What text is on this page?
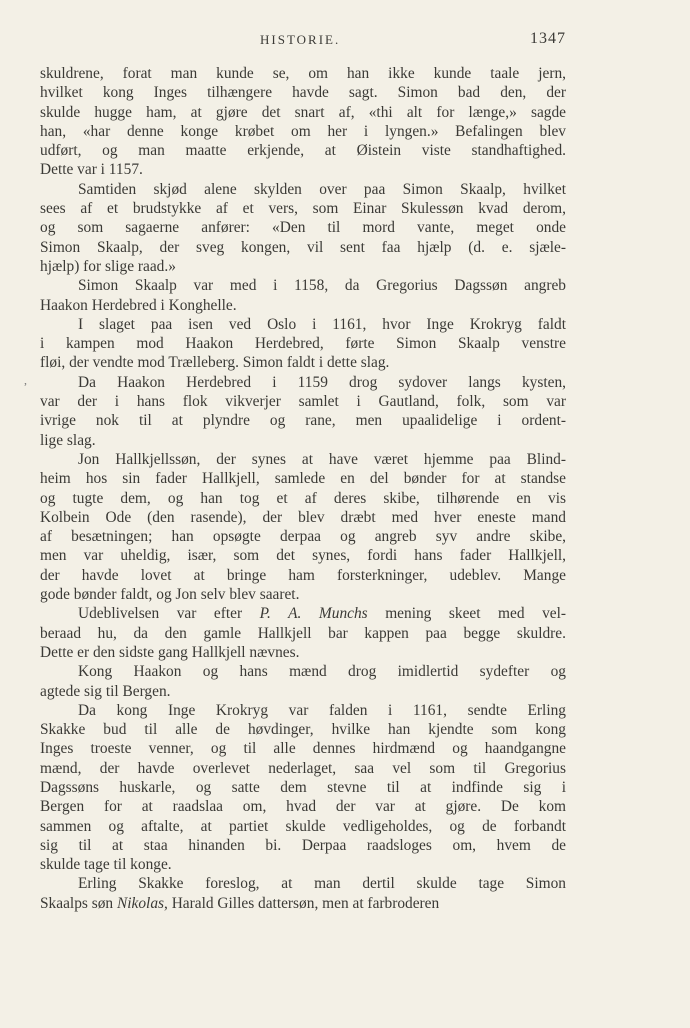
HISTORIE.	1347
,
skuldrene, forat man kunde se, om han ikke kunde taale jern,
hvilket kong Inges tilhængere havde sagt. Simon bad den, der
skulde hugge ham, at gjøre det snart af, «thi alt for længe,» sagde
han, «har denne konge krøbet om her i lyngen.» Befalingen blev
udført, og man maatte erkjende, at Øistein viste standhaftighed.
Dette var i 1157.
Samtiden skjød alene skylden over paa Simon Skaalp, hvilket
sees af et brudstykke af et vers, som Einar Skulessøn kvad derom,
og som sagaerne anfører: «Den til mord vante, meget onde
Simon Skaalp, der sveg kongen, vil sent faa hjælp (d. e. sjæle-
hjælp) for slige raad.»
Simon Skaalp var med i 1158, da Gregorius Dagssøn angreb
Haakon Herdebred i Konghelle.
I slaget paa isen ved Oslo i 1161, hvor Inge Krokryg faldt
i kampen mod Haakon Herdebred, førte Simon Skaalp venstre
fløi, der vendte mod Trælleberg. Simon faldt i dette slag.
Da Haakon Herdebred i 1159 drog sydover langs kysten,
var der i hans flok vikverjer samlet i Gautland, folk, som var
ivrige nok til at plyndre og rane, men upaalidelige i ordent-
lige slag.
Jon Hallkjellssøn, der synes at have været hjemme paa Blind-
heim hos sin fader Hallkjell, samlede en del bønder for at standse
og tugte dem, og han tog et af deres skibe, tilhørende en vis
Kolbein Ode (den rasende), der blev dræbt med hver eneste mand
af besætningen; han opsøgte derpaa og angreb syv andre skibe,
men var uheldig, især, som det synes, fordi hans fader Hallkjell,
der havde lovet at bringe ham forsterkninger, udeblev. Mange
gode bønder faldt, og Jon selv blev saaret.
Udeblivelsen var efter P. A. Munchs mening skeet med vel-
beraad hu, da den gamle Hallkjell bar kappen paa begge skuldre.
Dette er den sidste gang Hallkjell nævnes.
Kong Haakon og hans mænd drog imidlertid sydefter og
agtede sig til Bergen.
Da kong Inge Krokryg var falden i 1161, sendte Erling
Skakke bud til alle de høvdinger, hvilke han kjendte som kong
Inges troeste venner, og til alle dennes hirdmænd og haandgangne
mænd, der havde overlevet nederlaget, saa vel som til Gregorius
Dagssøns huskarle, og satte dem stevne til at indfinde sig i
Bergen for at raadslaa om, hvad der var at gjøre. De kom
sammen og aftalte, at partiet skulde vedligeholdes, og de forbandt
sig til at staa hinanden bi. Derpaa raadsloges om, hvem de
skulde tage til konge.
Erling Skakke foreslog, at man dertil skulde tage Simon
Skaalps søn Nikolas, Harald Gilles dattersøn, men at farbroderen
